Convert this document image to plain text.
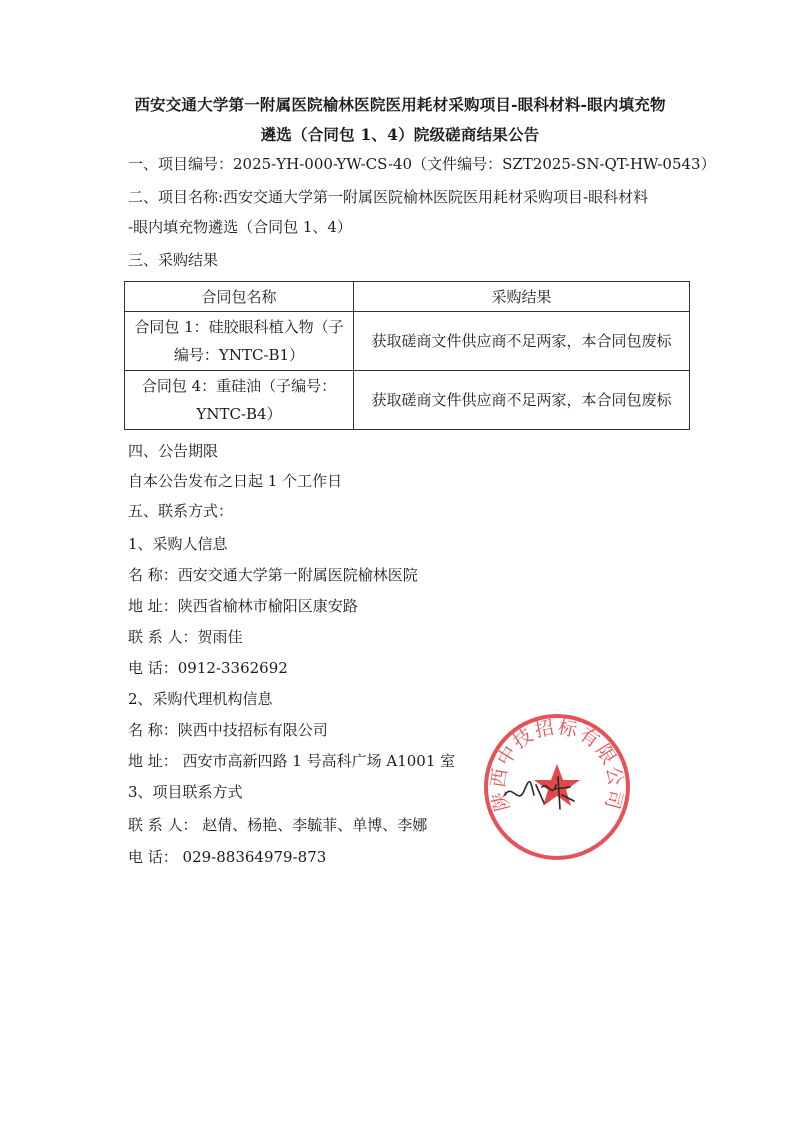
西安交通大学第一附属医院榆林医院医用耗材采购项目-眼科材料-眼内填充物
遴选（合同包 1、4）院级磋商结果公告
一、项目编号：2025-YH-000-YW-CS-40（文件编号：SZT2025-SN-QT-HW-0543）
二、项目名称:西安交通大学第一附属医院榆林医院医用耗材采购项目-眼科材料
-眼内填充物遴选（合同包 1、4）
三、采购结果
合同包名称	采购结果
合同包 1：硅胶眼科植入物（子
编号：YNTC-B1）	获取磋商文件供应商不足两家，本合同包废标
合同包 4：重硅油（子编号：
YNTC-B4）	获取磋商文件供应商不足两家，本合同包废标
四、公告期限
自本公告发布之日起 1 个工作日
五、联系方式：
1、采购人信息
名 称：西安交通大学第一附属医院榆林医院
地 址：陕西省榆林市榆阳区康安路
联 系 人：贺雨佳
电 话：0912-3362692
2、采购代理机构信息
名 称：陕西中技招标有限公司
地 址： 西安市高新四路 1 号高科广场 A1001 室
3、项目联系方式
联 系 人： 赵倩、杨艳、李毓菲、单博、李娜
电 话： 029-88364979-873
陕西中技招标有限公司
